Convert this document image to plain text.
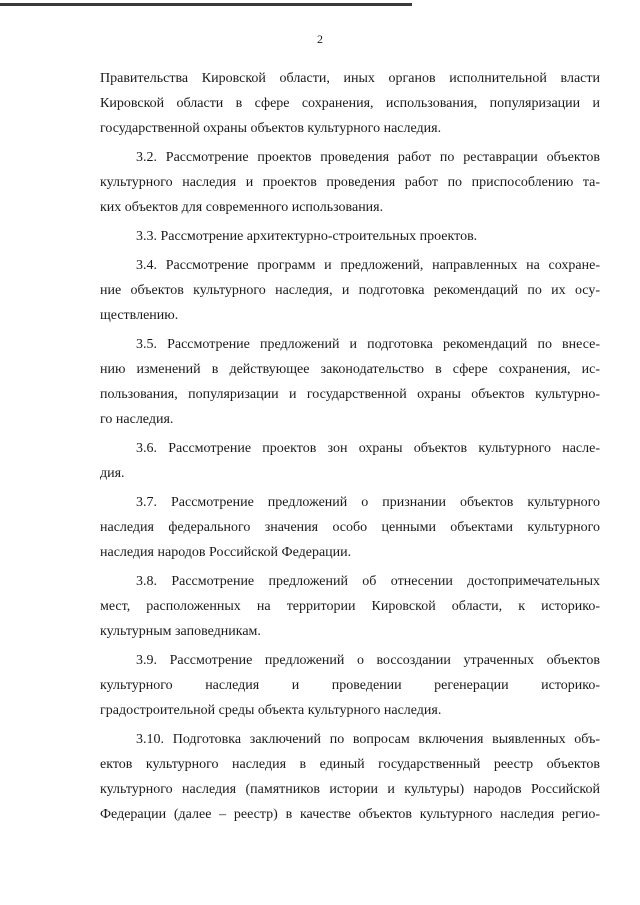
2

Правительства Кировской области, иных органов исполнительной власти
Кировской области в сфере сохранения, использования, популяризации и
государственной охраны объектов культурного наследия.

3.2. Рассмотрение проектов проведения работ по реставрации объектов
культурного наследия и проектов проведения работ по приспособлению та-
ких объектов для современного использования.

3.3. Рассмотрение архитектурно-строительных проектов.

3.4. Рассмотрение программ и предложений, направленных на сохране-
ние объектов культурного наследия, и подготовка рекомендаций по их осу-
ществлению.

3.5. Рассмотрение предложений и подготовка рекомендаций по внесе-
нию изменений в действующее законодательство в сфере сохранения, ис-
пользования, популяризации и государственной охраны объектов культурно-
го наследия.

3.6. Рассмотрение проектов зон охраны объектов культурного насле-
дия.

3.7. Рассмотрение предложений о признании объектов культурного
наследия федерального значения особо ценными объектами культурного
наследия народов Российской Федерации.

3.8. Рассмотрение предложений об отнесении достопримечательных
мест, расположенных на территории Кировской области, к историко-
культурным заповедникам.

3.9. Рассмотрение предложений о воссоздании утраченных объектов
культурного наследия и проведении регенерации историко-
градостроительной среды объекта культурного наследия.

3.10. Подготовка заключений по вопросам включения выявленных объ-
ектов культурного наследия в единый государственный реестр объектов
культурного наследия (памятников истории и культуры) народов Российской
Федерации (далее – реестр) в качестве объектов культурного наследия регио-
